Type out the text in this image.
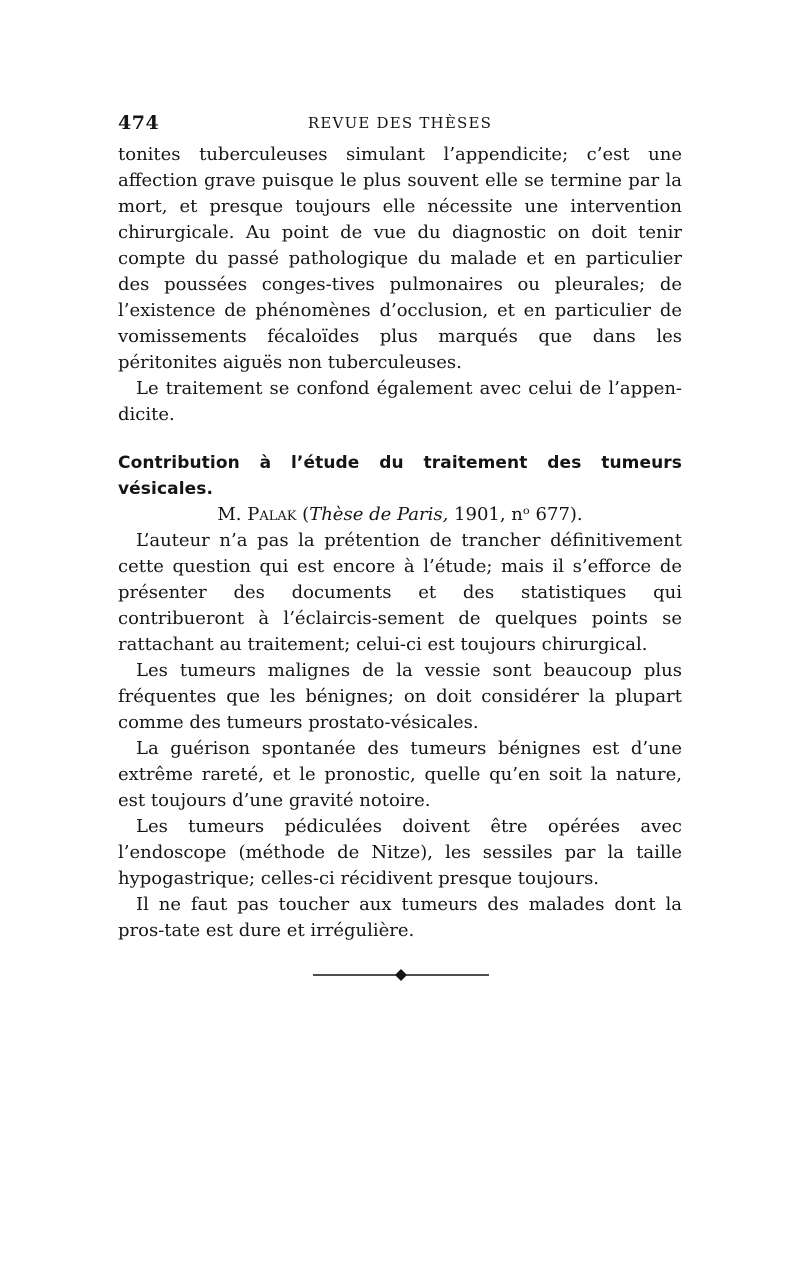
474	REVUE DES THÈSES

tonites tuberculeuses simulant l’appendicite; c’est une affection grave puisque le plus souvent elle se termine par la mort, et presque toujours elle nécessite une intervention chirurgicale. Au point de vue du diagnostic on doit tenir compte du passé pathologique du malade et en particulier des poussées conges-tives pulmonaires ou pleurales; de l’existence de phénomènes d’occlusion, et en particulier de vomissements fécaloïdes plus marqués que dans les péritonites aiguës non tuberculeuses.

Le traitement se confond également avec celui de l’appen-dicite.

Contribution à l’étude du traitement des tumeurs vésicales.

M. Palak (Thèse de Paris, 1901, nᵒ 677).

L’auteur n’a pas la prétention de trancher définitivement cette question qui est encore à l’étude; mais il s’efforce de présenter des documents et des statistiques qui contribueront à l’éclaircis-sement de quelques points se rattachant au traitement; celui-ci est toujours chirurgical.

Les tumeurs malignes de la vessie sont beaucoup plus fréquentes que les bénignes; on doit considérer la plupart comme des tumeurs prostato-vésicales.

La guérison spontanée des tumeurs bénignes est d’une extrême rareté, et le pronostic, quelle qu’en soit la nature, est toujours d’une gravité notoire.

Les tumeurs pédiculées doivent être opérées avec l’endoscope (méthode de Nitze), les sessiles par la taille hypogastrique; celles-ci récidivent presque toujours.

Il ne faut pas toucher aux tumeurs des malades dont la pros-tate est dure et irrégulière.
